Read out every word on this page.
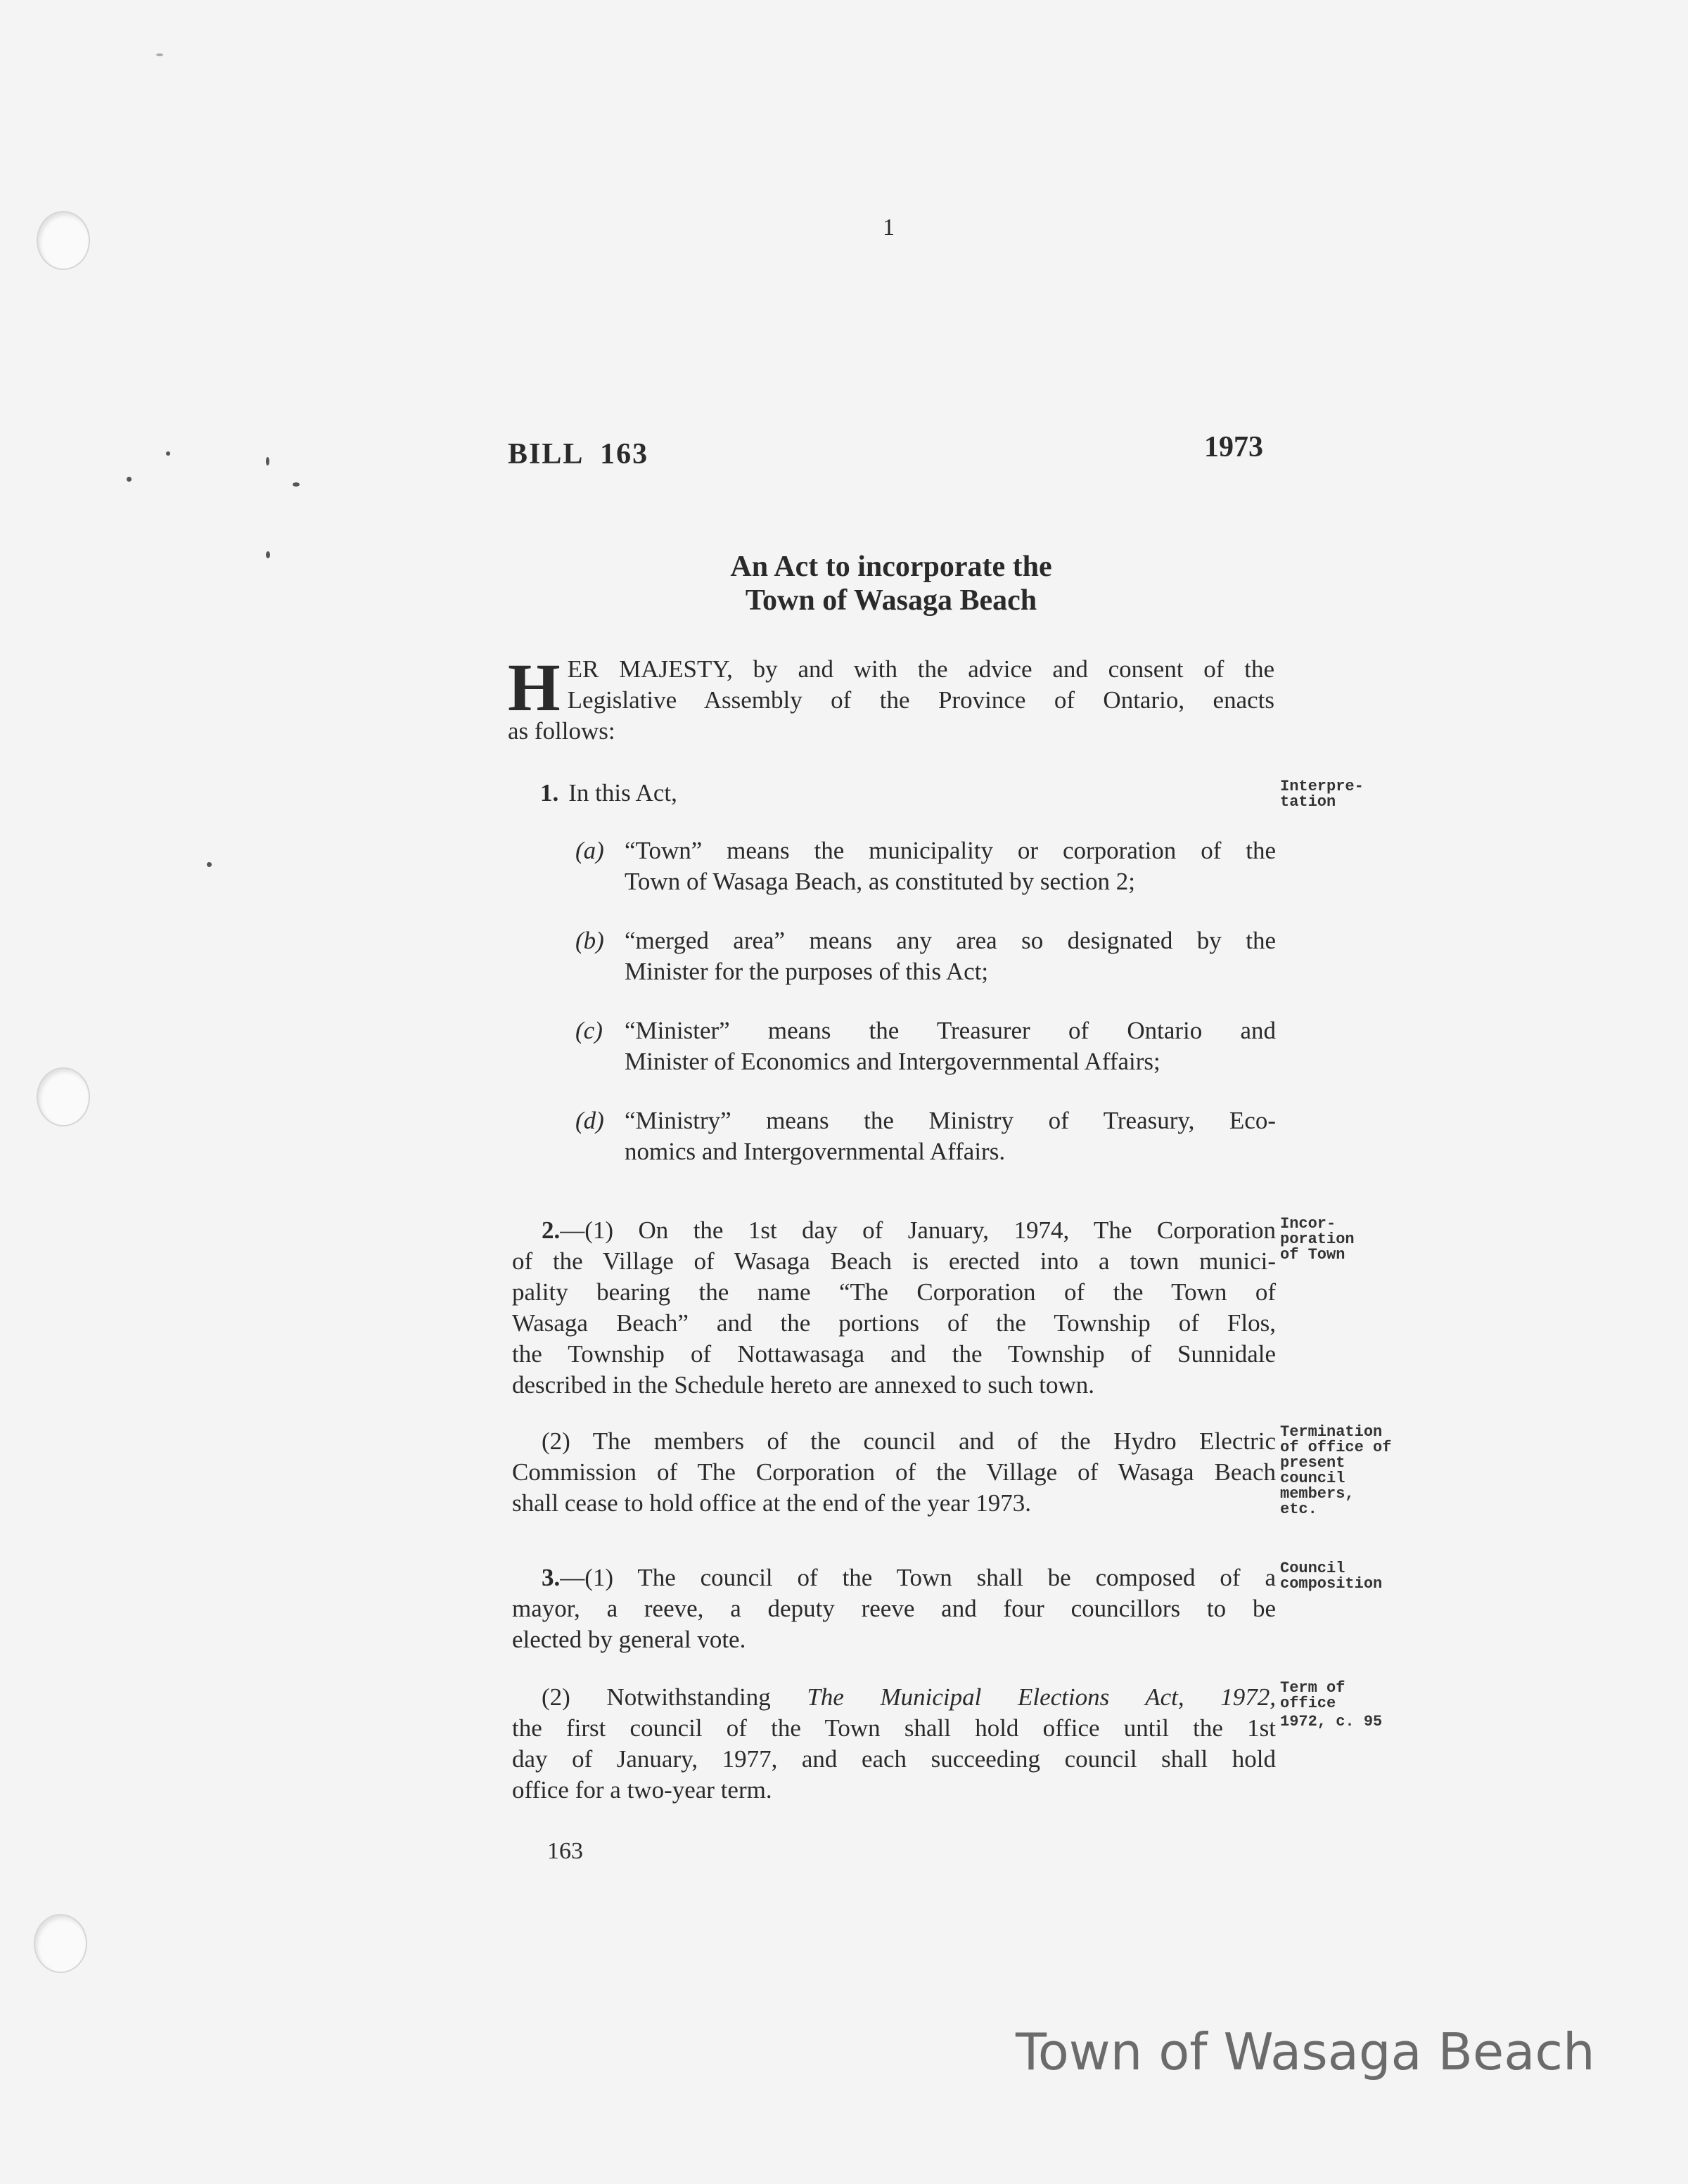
1
BILL  163	1973
An Act to incorporate the
Town of Wasaga Beach
H ER MAJESTY, by and with the advice and consent of the
Legislative Assembly of the Province of Ontario, enacts
as follows:
1. In this Act,	Interpre-
tation
(a) “Town” means the municipality or corporation of the
Town of Wasaga Beach, as constituted by section 2;
(b) “merged area” means any area so designated by the
Minister for the purposes of this Act;
(c) “Minister” means the Treasurer of Ontario and
Minister of Economics and Intergovernmental Affairs;
(d) “Ministry” means the Ministry of Treasury, Eco-
nomics and Intergovernmental Affairs.
2.—(1) On the 1st day of January, 1974, The Corporation
of the Village of Wasaga Beach is erected into a town munici-
pality bearing the name “The Corporation of the Town of
Wasaga Beach” and the portions of the Township of Flos,
the Township of Nottawasaga and the Township of Sunnidale
described in the Schedule hereto are annexed to such town.
Incor-
poration
of Town
(2) The members of the council and of the Hydro Electric
Commission of The Corporation of the Village of Wasaga Beach
shall cease to hold office at the end of the year 1973.
Termination
of office of
present
council
members,
etc.
3.—(1) The council of the Town shall be composed of a
mayor, a reeve, a deputy reeve and four councillors to be
elected by general vote.
Council
composition
(2) Notwithstanding The Municipal Elections Act, 1972,
the first council of the Town shall hold office until the 1st
day of January, 1977, and each succeeding council shall hold
office for a two-year term.
Term of
office
1972, c. 95
163
Town of Wasaga Beach
